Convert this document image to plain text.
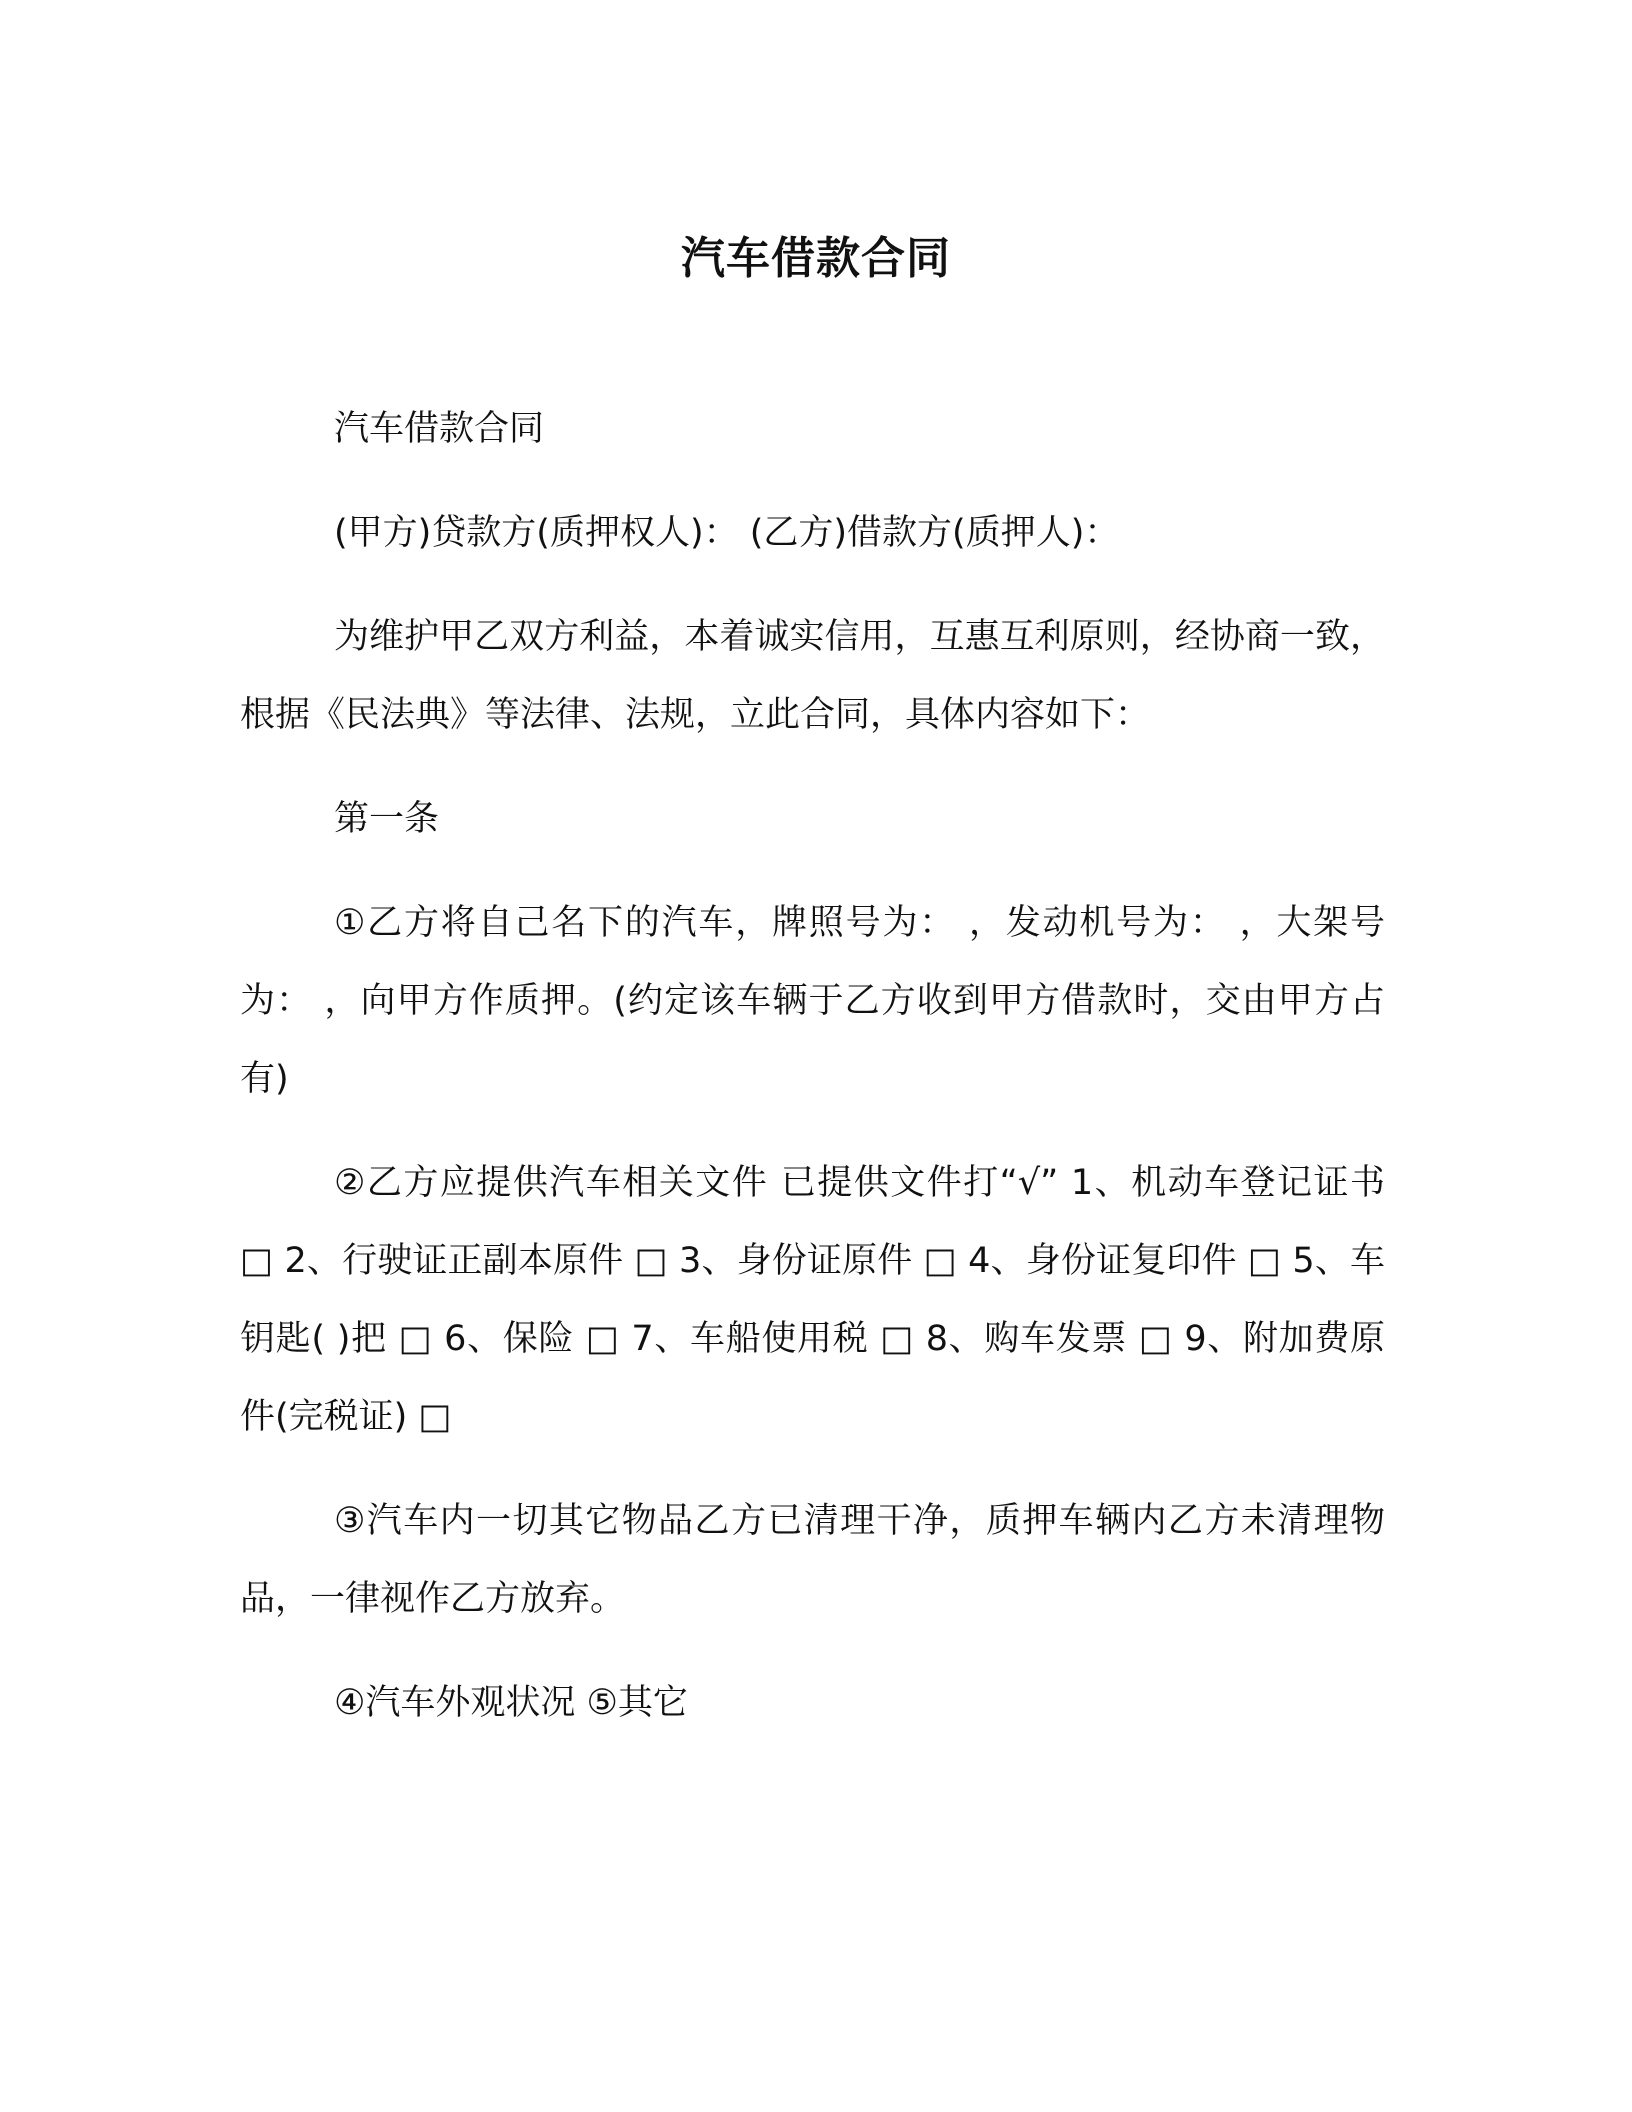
汽车借款合同

汽车借款合同

(甲方)贷款方(质押权人)： (乙方)借款方(质押人)：

为维护甲乙双方利益，本着诚实信用，互惠互利原则，经协商一致，根据《民法典》等法律、法规，立此合同，具体内容如下：

第一条

①乙方将自己名下的汽车，牌照号为： ，发动机号为： ，大架号为： ，向甲方作质押。(约定该车辆于乙方收到甲方借款时，交由甲方占有)

②乙方应提供汽车相关文件 已提供文件打“√” 1、机动车登记证书 □ 2、行驶证正副本原件 □ 3、身份证原件 □ 4、身份证复印件 □ 5、车钥匙( )把 □ 6、保险 □ 7、车船使用税 □ 8、购车发票 □ 9、附加费原件(完税证) □

③汽车内一切其它物品乙方已清理干净，质押车辆内乙方未清理物品，一律视作乙方放弃。

④汽车外观状况 ⑤其它
